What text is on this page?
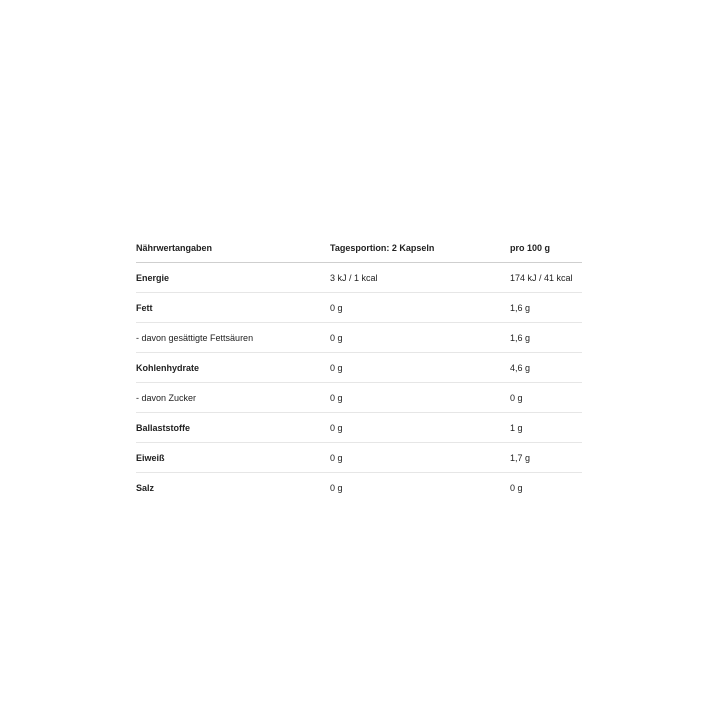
Nährwertangaben	Tagesportion: 2 Kapseln	pro 100 g
Energie	3 kJ / 1 kcal	174 kJ / 41 kcal
Fett	0 g	1,6 g
- davon gesättigte Fettsäuren	0 g	1,6 g
Kohlenhydrate	0 g	4,6 g
- davon Zucker	0 g	0 g
Ballaststoffe	0 g	1 g
Eiweiß	0 g	1,7 g
Salz	0 g	0 g
